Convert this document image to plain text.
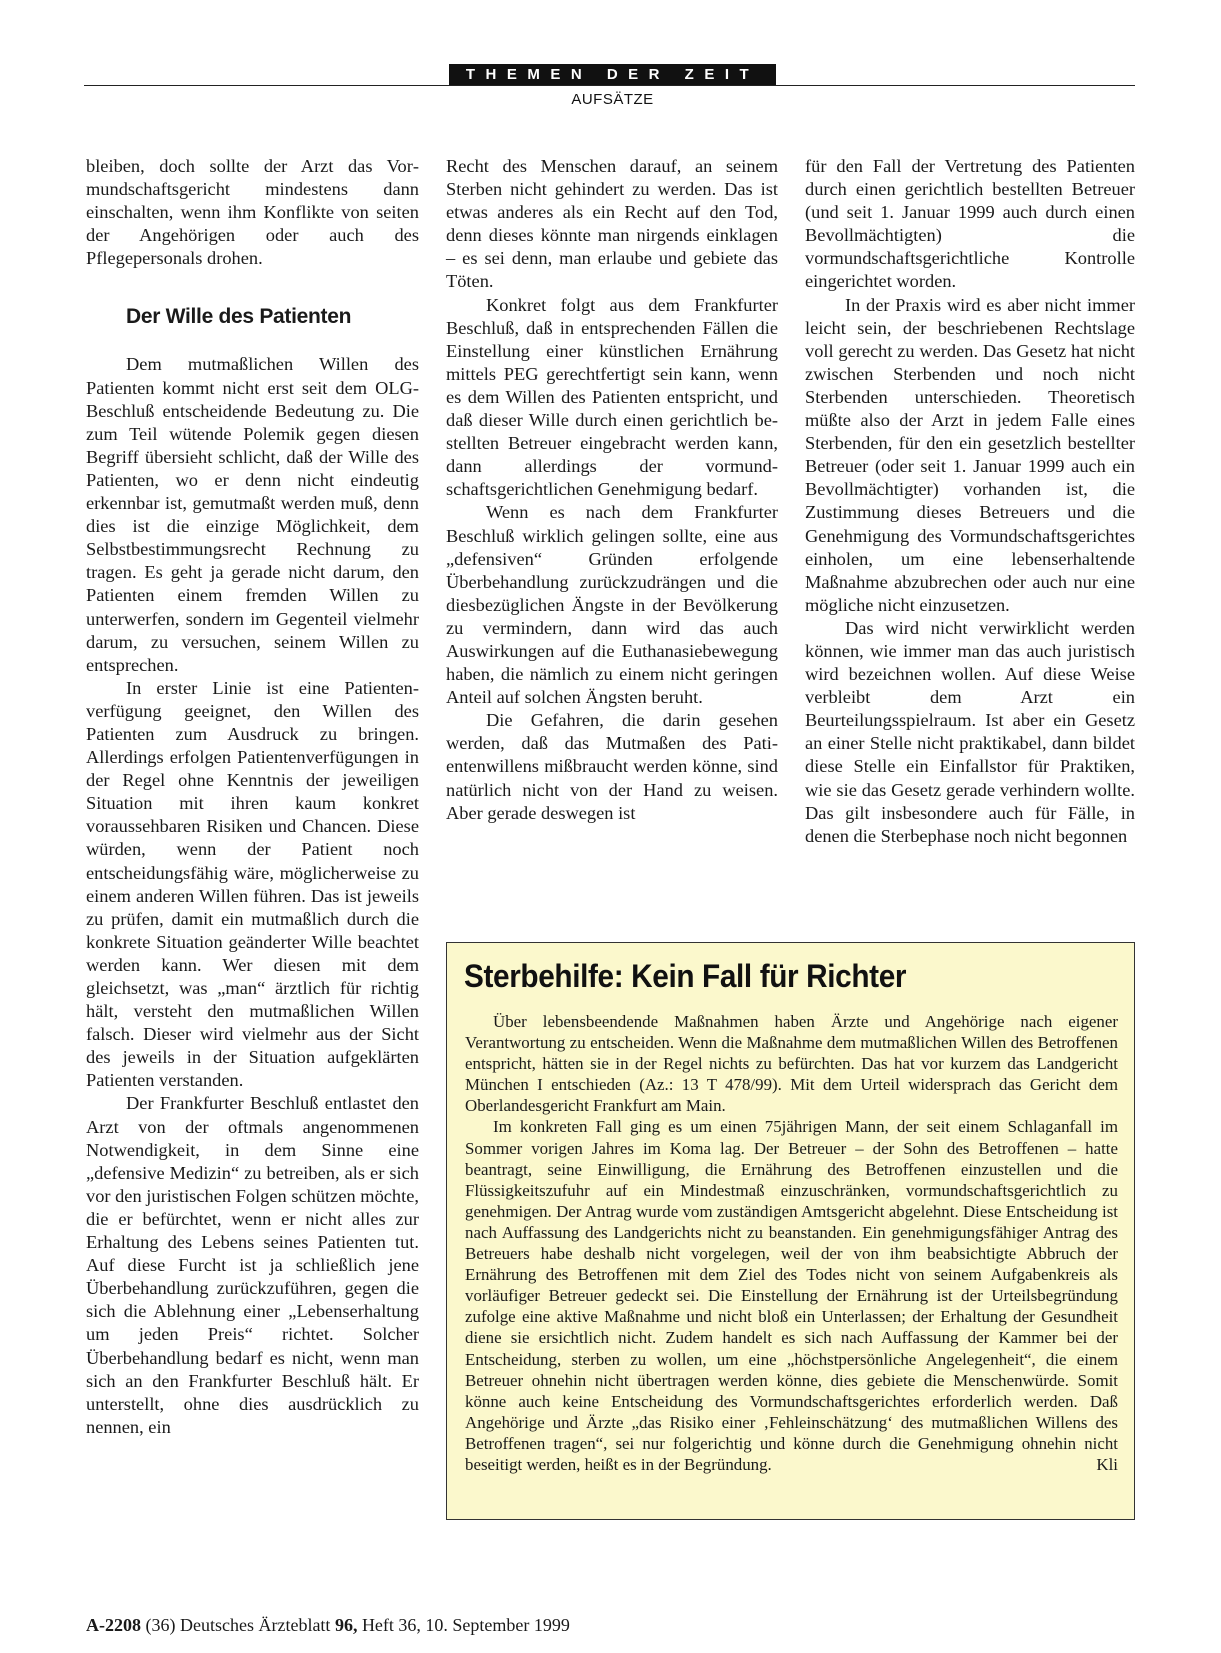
THEMEN DER ZEIT
AUFSÄTZE

bleiben, doch sollte der Arzt das Vormundschaftsgericht mindestens dann einschalten, wenn ihm Konflikte von seiten der Angehörigen oder auch des Pflegepersonals drohen.

Der Wille des Patienten

Dem mutmaßlichen Willen des Patienten kommt nicht erst seit dem OLG-Beschluß entscheidende Bedeutung zu. Die zum Teil wütende Polemik gegen diesen Begriff übersieht schlicht, daß der Wille des Patienten, wo er denn nicht eindeutig erkennbar ist, gemutmaßt werden muß, denn dies ist die einzige Möglichkeit, dem Selbstbestimmungsrecht Rechnung zu tragen. Es geht ja gerade nicht darum, den Patienten einem fremden Willen zu unterwerfen, sondern im Gegenteil vielmehr darum, zu versuchen, seinem Willen zu entsprechen.

In erster Linie ist eine Patientenverfügung geeignet, den Willen des Patienten zum Ausdruck zu bringen. Allerdings erfolgen Patientenverfügungen in der Regel ohne Kenntnis der jeweiligen Situation mit ihren kaum konkret voraussehbaren Risiken und Chancen. Diese würden, wenn der Patient noch entscheidungsfähig wäre, möglicherweise zu einem anderen Willen führen. Das ist jeweils zu prüfen, damit ein mutmaßlich durch die konkrete Situation geänderter Wille beachtet werden kann. Wer diesen mit dem gleichsetzt, was „man“ ärztlich für richtig hält, versteht den mutmaßlichen Willen falsch. Dieser wird vielmehr aus der Sicht des jeweils in der Situation aufgeklärten Patienten verstanden.

Der Frankfurter Beschluß entlastet den Arzt von der oftmals angenommenen Notwendigkeit, in dem Sinne eine „defensive Medizin“ zu betreiben, als er sich vor den juristischen Folgen schützen möchte, die er befürchtet, wenn er nicht alles zur Erhaltung des Lebens seines Patienten tut. Auf diese Furcht ist ja schließlich jene Überbehandlung zurückzuführen, gegen die sich die Ablehnung einer „Lebenserhaltung um jeden Preis“ richtet. Solcher Überbehandlung bedarf es nicht, wenn man sich an den Frankfurter Beschluß hält. Er unterstellt, ohne dies ausdrücklich zu nennen, ein

Recht des Menschen darauf, an seinem Sterben nicht gehindert zu werden. Das ist etwas anderes als ein Recht auf den Tod, denn dieses könnte man nirgends einklagen – es sei denn, man erlaube und gebiete das Töten.

Konkret folgt aus dem Frankfurter Beschluß, daß in entsprechenden Fällen die Einstellung einer künstlichen Ernährung mittels PEG gerechtfertigt sein kann, wenn es dem Willen des Patienten entspricht, und daß dieser Wille durch einen gerichtlich bestellten Betreuer eingebracht werden kann, dann allerdings der vormundschaftsgerichtlichen Genehmigung bedarf.

Wenn es nach dem Frankfurter Beschluß wirklich gelingen sollte, eine aus „defensiven“ Gründen erfolgende Überbehandlung zurückzudrängen und die diesbezüglichen Ängste in der Bevölkerung zu vermindern, dann wird das auch Auswirkungen auf die Euthanasiebewegung haben, die nämlich zu einem nicht geringen Anteil auf solchen Ängsten beruht.

Die Gefahren, die darin gesehen werden, daß das Mutmaßen des Patientenwillens mißbraucht werden könne, sind natürlich nicht von der Hand zu weisen. Aber gerade deswegen ist

für den Fall der Vertretung des Patienten durch einen gerichtlich bestellten Betreuer (und seit 1. Januar 1999 auch durch einen Bevollmächtigten) die vormundschaftsgerichtliche Kontrolle eingerichtet worden.

In der Praxis wird es aber nicht immer leicht sein, der beschriebenen Rechtslage voll gerecht zu werden. Das Gesetz hat nicht zwischen Sterbenden und noch nicht Sterbenden unterschieden. Theoretisch müßte also der Arzt in jedem Falle eines Sterbenden, für den ein gesetzlich bestellter Betreuer (oder seit 1. Januar 1999 auch ein Bevollmächtigter) vorhanden ist, die Zustimmung dieses Betreuers und die Genehmigung des Vormundschaftsgerichtes einholen, um eine lebenserhaltende Maßnahme abzubrechen oder auch nur eine mögliche nicht einzusetzen.

Das wird nicht verwirklicht werden können, wie immer man das auch juristisch wird bezeichnen wollen. Auf diese Weise verbleibt dem Arzt ein Beurteilungsspielraum. Ist aber ein Gesetz an einer Stelle nicht praktikabel, dann bildet diese Stelle ein Einfallstor für Praktiken, wie sie das Gesetz gerade verhindern wollte. Das gilt insbesondere auch für Fälle, in denen die Sterbephase noch nicht begonnen

Sterbehilfe: Kein Fall für Richter

Über lebensbeendende Maßnahmen haben Ärzte und Angehörige nach eigener Verantwortung zu entscheiden. Wenn die Maßnahme dem mutmaßlichen Willen des Betroffenen entspricht, hätten sie in der Regel nichts zu befürchten. Das hat vor kurzem das Landgericht München I entschieden (Az.: 13 T 478/99). Mit dem Urteil widersprach das Gericht dem Oberlandesgericht Frankfurt am Main.

Im konkreten Fall ging es um einen 75jährigen Mann, der seit einem Schlaganfall im Sommer vorigen Jahres im Koma lag. Der Betreuer – der Sohn des Betroffenen – hatte beantragt, seine Einwilligung, die Ernährung des Betroffenen einzustellen und die Flüssigkeitszufuhr auf ein Mindestmaß einzuschränken, vormundschaftsgerichtlich zu genehmigen. Der Antrag wurde vom zuständigen Amtsgericht abgelehnt. Diese Entscheidung ist nach Auffassung des Landgerichts nicht zu beanstanden. Ein genehmigungsfähiger Antrag des Betreuers habe deshalb nicht vorgelegen, weil der von ihm beabsichtigte Abbruch der Ernährung des Betroffenen mit dem Ziel des Todes nicht von seinem Aufgabenkreis als vorläufiger Betreuer gedeckt sei. Die Einstellung der Ernährung ist der Urteilsbegründung zufolge eine aktive Maßnahme und nicht bloß ein Unterlassen; der Erhaltung der Gesundheit diene sie ersichtlich nicht. Zudem handelt es sich nach Auffassung der Kammer bei der Entscheidung, sterben zu wollen, um eine „höchstpersönliche Angelegenheit“, die einem Betreuer ohnehin nicht übertragen werden könne, dies gebiete die Menschenwürde. Somit könne auch keine Entscheidung des Vormundschaftsgerichtes erforderlich werden. Daß Angehörige und Ärzte „das Risiko einer ‚Fehleinschätzung‘ des mutmaßlichen Willens des Betroffenen tragen“, sei nur folgerichtig und könne durch die Genehmigung ohnehin nicht beseitigt werden, heißt es in der Begründung.	Kli

A-2208 (36) Deutsches Ärzteblatt 96, Heft 36, 10. September 1999
